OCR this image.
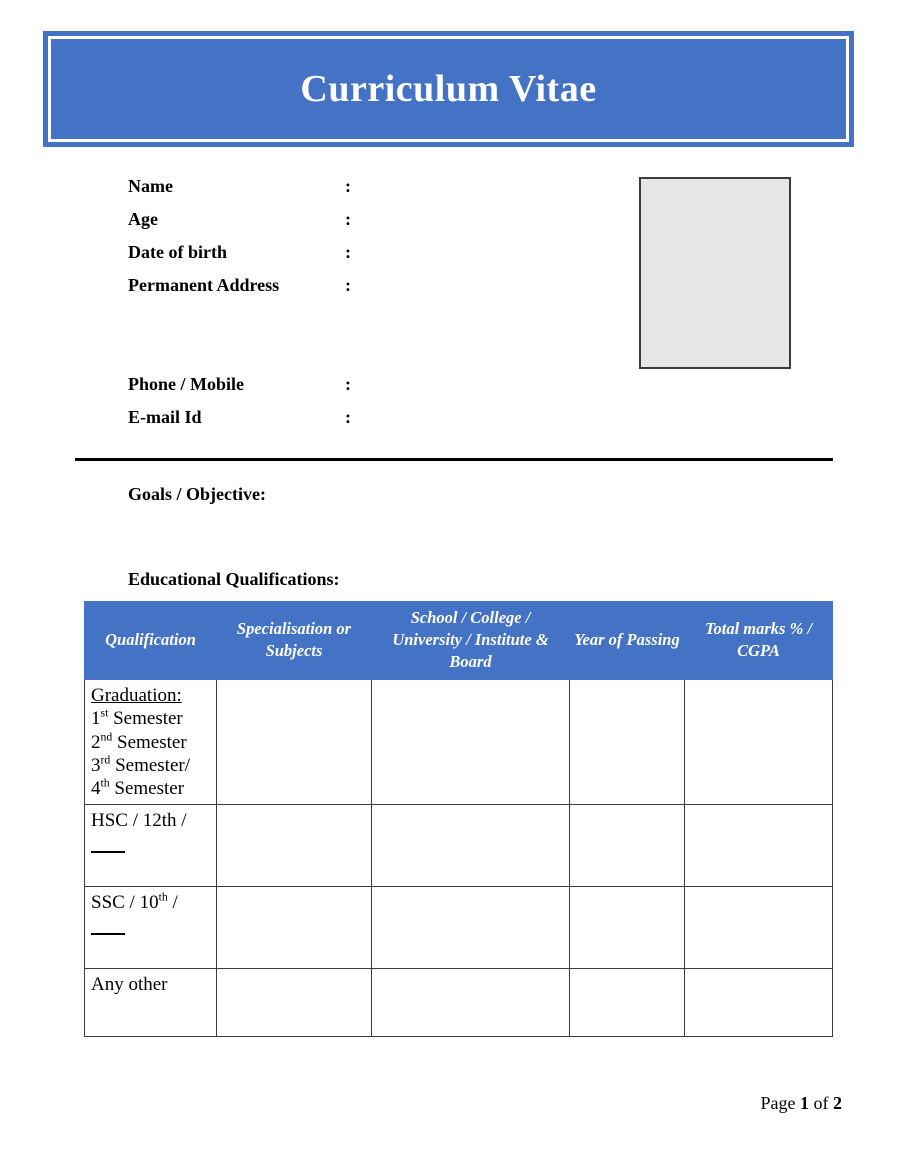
Curriculum Vitae
Name	:
Age	:
Date of birth	:
Permanent Address	:
Phone / Mobile	:
E-mail Id	:
Goals / Objective:
Educational Qualifications:
Qualification	Specialisation or Subjects	School / College / University / Institute & Board	Year of Passing	Total marks % / CGPA

Graduation:
1st Semester
2nd Semester
3rd Semester/
4th Semester				

HSC / 12th /				

SSC / 10th /				

Any other				
Page 1 of 2
